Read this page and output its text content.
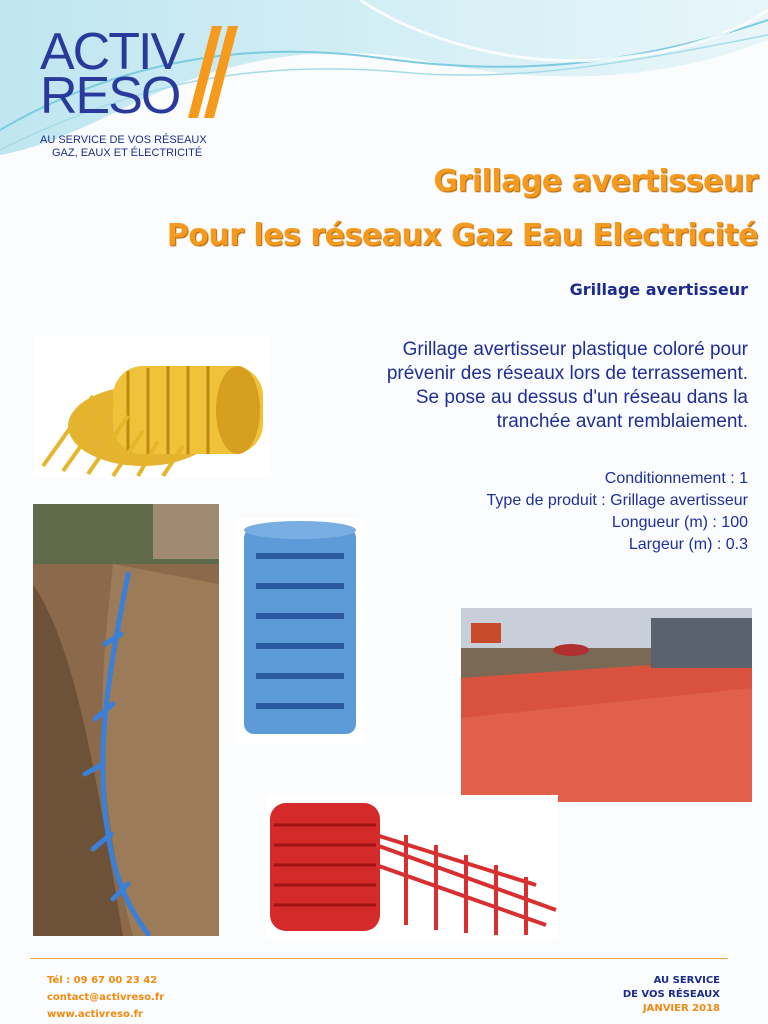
ACTIV
RESO
AU SERVICE DE VOS RÉSEAUX
GAZ, EAUX ET ÉLECTRICITÉ
Grillage avertisseur
Pour les réseaux Gaz Eau Electricité
Grillage avertisseur
Grillage avertisseur plastique coloré pour
prévenir des réseaux lors de terrassement.
Se pose au dessus d'un réseau dans la
tranchée avant remblaiement.
Conditionnement : 1
Type de produit : Grillage avertisseur
Longueur (m) : 100
Largeur (m) : 0.3
Tél : 09 67 00 23 42
contact@activreso.fr
www.activreso.fr
AU SERVICE
DE VOS RÉSEAUX
JANVIER 2018
